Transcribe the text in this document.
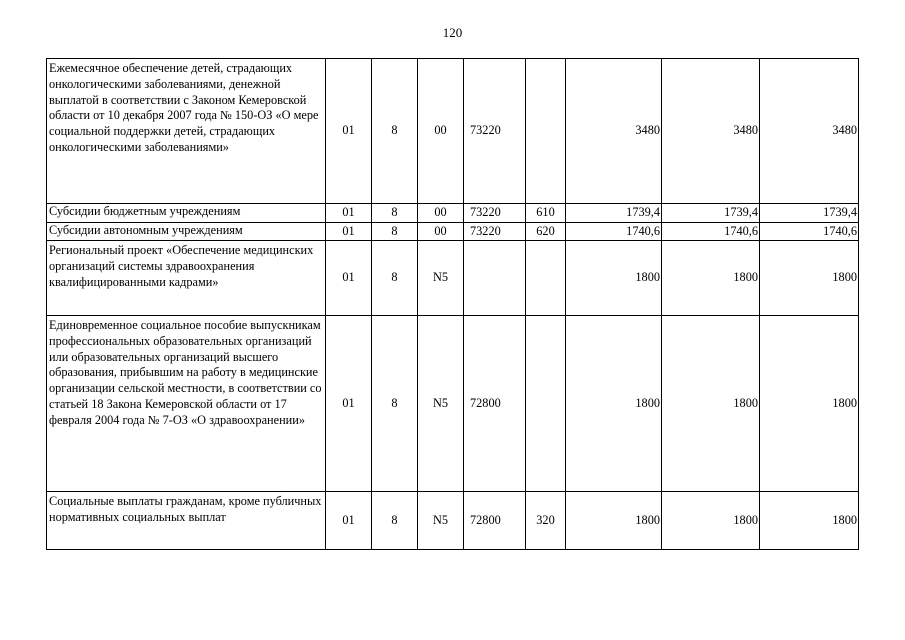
120
Ежемесячное обеспечение детей, страдающих онкологическими заболеваниями, денежной выплатой в соответствии с Законом Кемеровской области от 10 декабря 2007 года № 150-ОЗ «О мере социальной поддержки детей, страдающих онкологическими заболеваниями»	01	8	00	73220		3480	3480	3480
Субсидии бюджетным учреждениям	01	8	00	73220	610	1739,4	1739,4	1739,4
Субсидии автономным учреждениям	01	8	00	73220	620	1740,6	1740,6	1740,6
Региональный проект «Обеспечение медицинских организаций системы здравоохранения квалифицированными кадрами»	01	8	N5			1800	1800	1800
Единовременное социальное пособие выпускникам профессиональных образовательных организаций или образовательных организаций высшего образования, прибывшим на работу в медицинские организации сельской местности, в соответствии со статьей 18 Закона Кемеровской области от 17 февраля 2004 года № 7-ОЗ «О здравоохранении»	01	8	N5	72800		1800	1800	1800
Социальные выплаты гражданам, кроме публичных нормативных социальных выплат	01	8	N5	72800	320	1800	1800	1800
